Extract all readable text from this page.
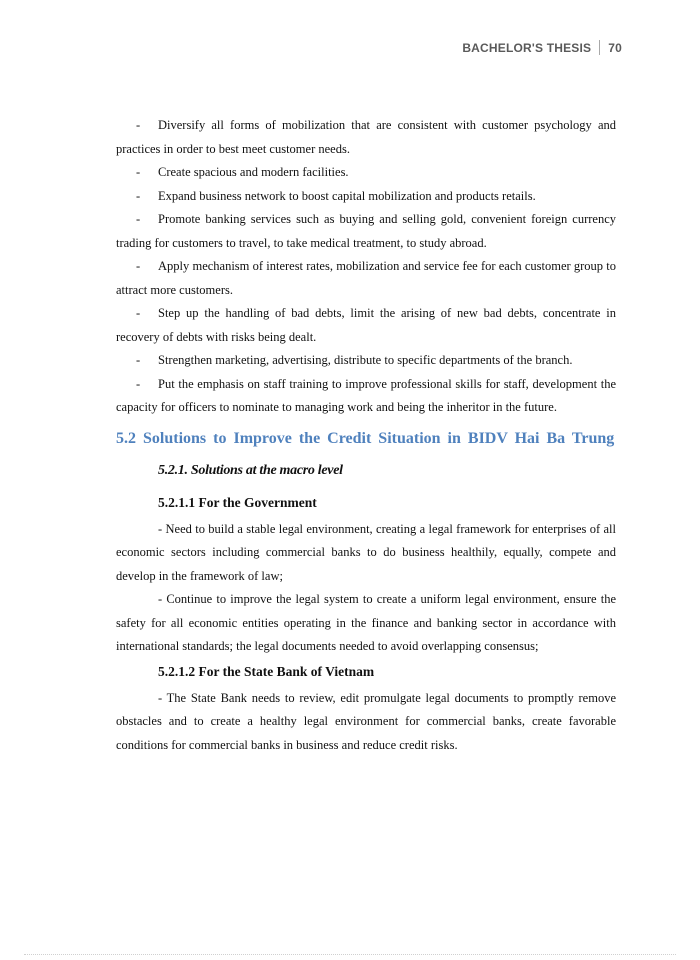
BACHELOR'S THESIS 70

- Diversify all forms of mobilization that are consistent with customer psychology and practices in order to best meet customer needs.

- Create spacious and modern facilities.

- Expand business network to boost capital mobilization and products retails.

- Promote banking services such as buying and selling gold, convenient foreign currency trading for customers to travel, to take medical treatment, to study abroad.

- Apply mechanism of interest rates, mobilization and service fee for each customer group to attract more customers.

- Step up the handling of bad debts, limit the arising of new bad debts, concentrate in recovery of debts with risks being dealt.

- Strengthen marketing, advertising, distribute to specific departments of the branch.

- Put the emphasis on staff training to improve professional skills for staff, development the capacity for officers to nominate to managing work and being the inheritor in the future.

5.2 Solutions to Improve the Credit Situation in BIDV Hai Ba Trung
5.2.1. Solutions at the macro level
5.2.1.1 For the Government

- Need to build a stable legal environment, creating a legal framework for enterprises of all economic sectors including commercial banks to do business healthily, equally, compete and develop in the framework of law;

- Continue to improve the legal system to create a uniform legal environment, ensure the safety for all economic entities operating in the finance and banking sector in accordance with international standards; the legal documents needed to avoid overlapping consensus;

5.2.1.2 For the State Bank of Vietnam

- The State Bank needs to review, edit promulgate legal documents to promptly remove obstacles and to create a healthy legal environment for commercial banks, create favorable conditions for commercial banks in business and reduce credit risks.
